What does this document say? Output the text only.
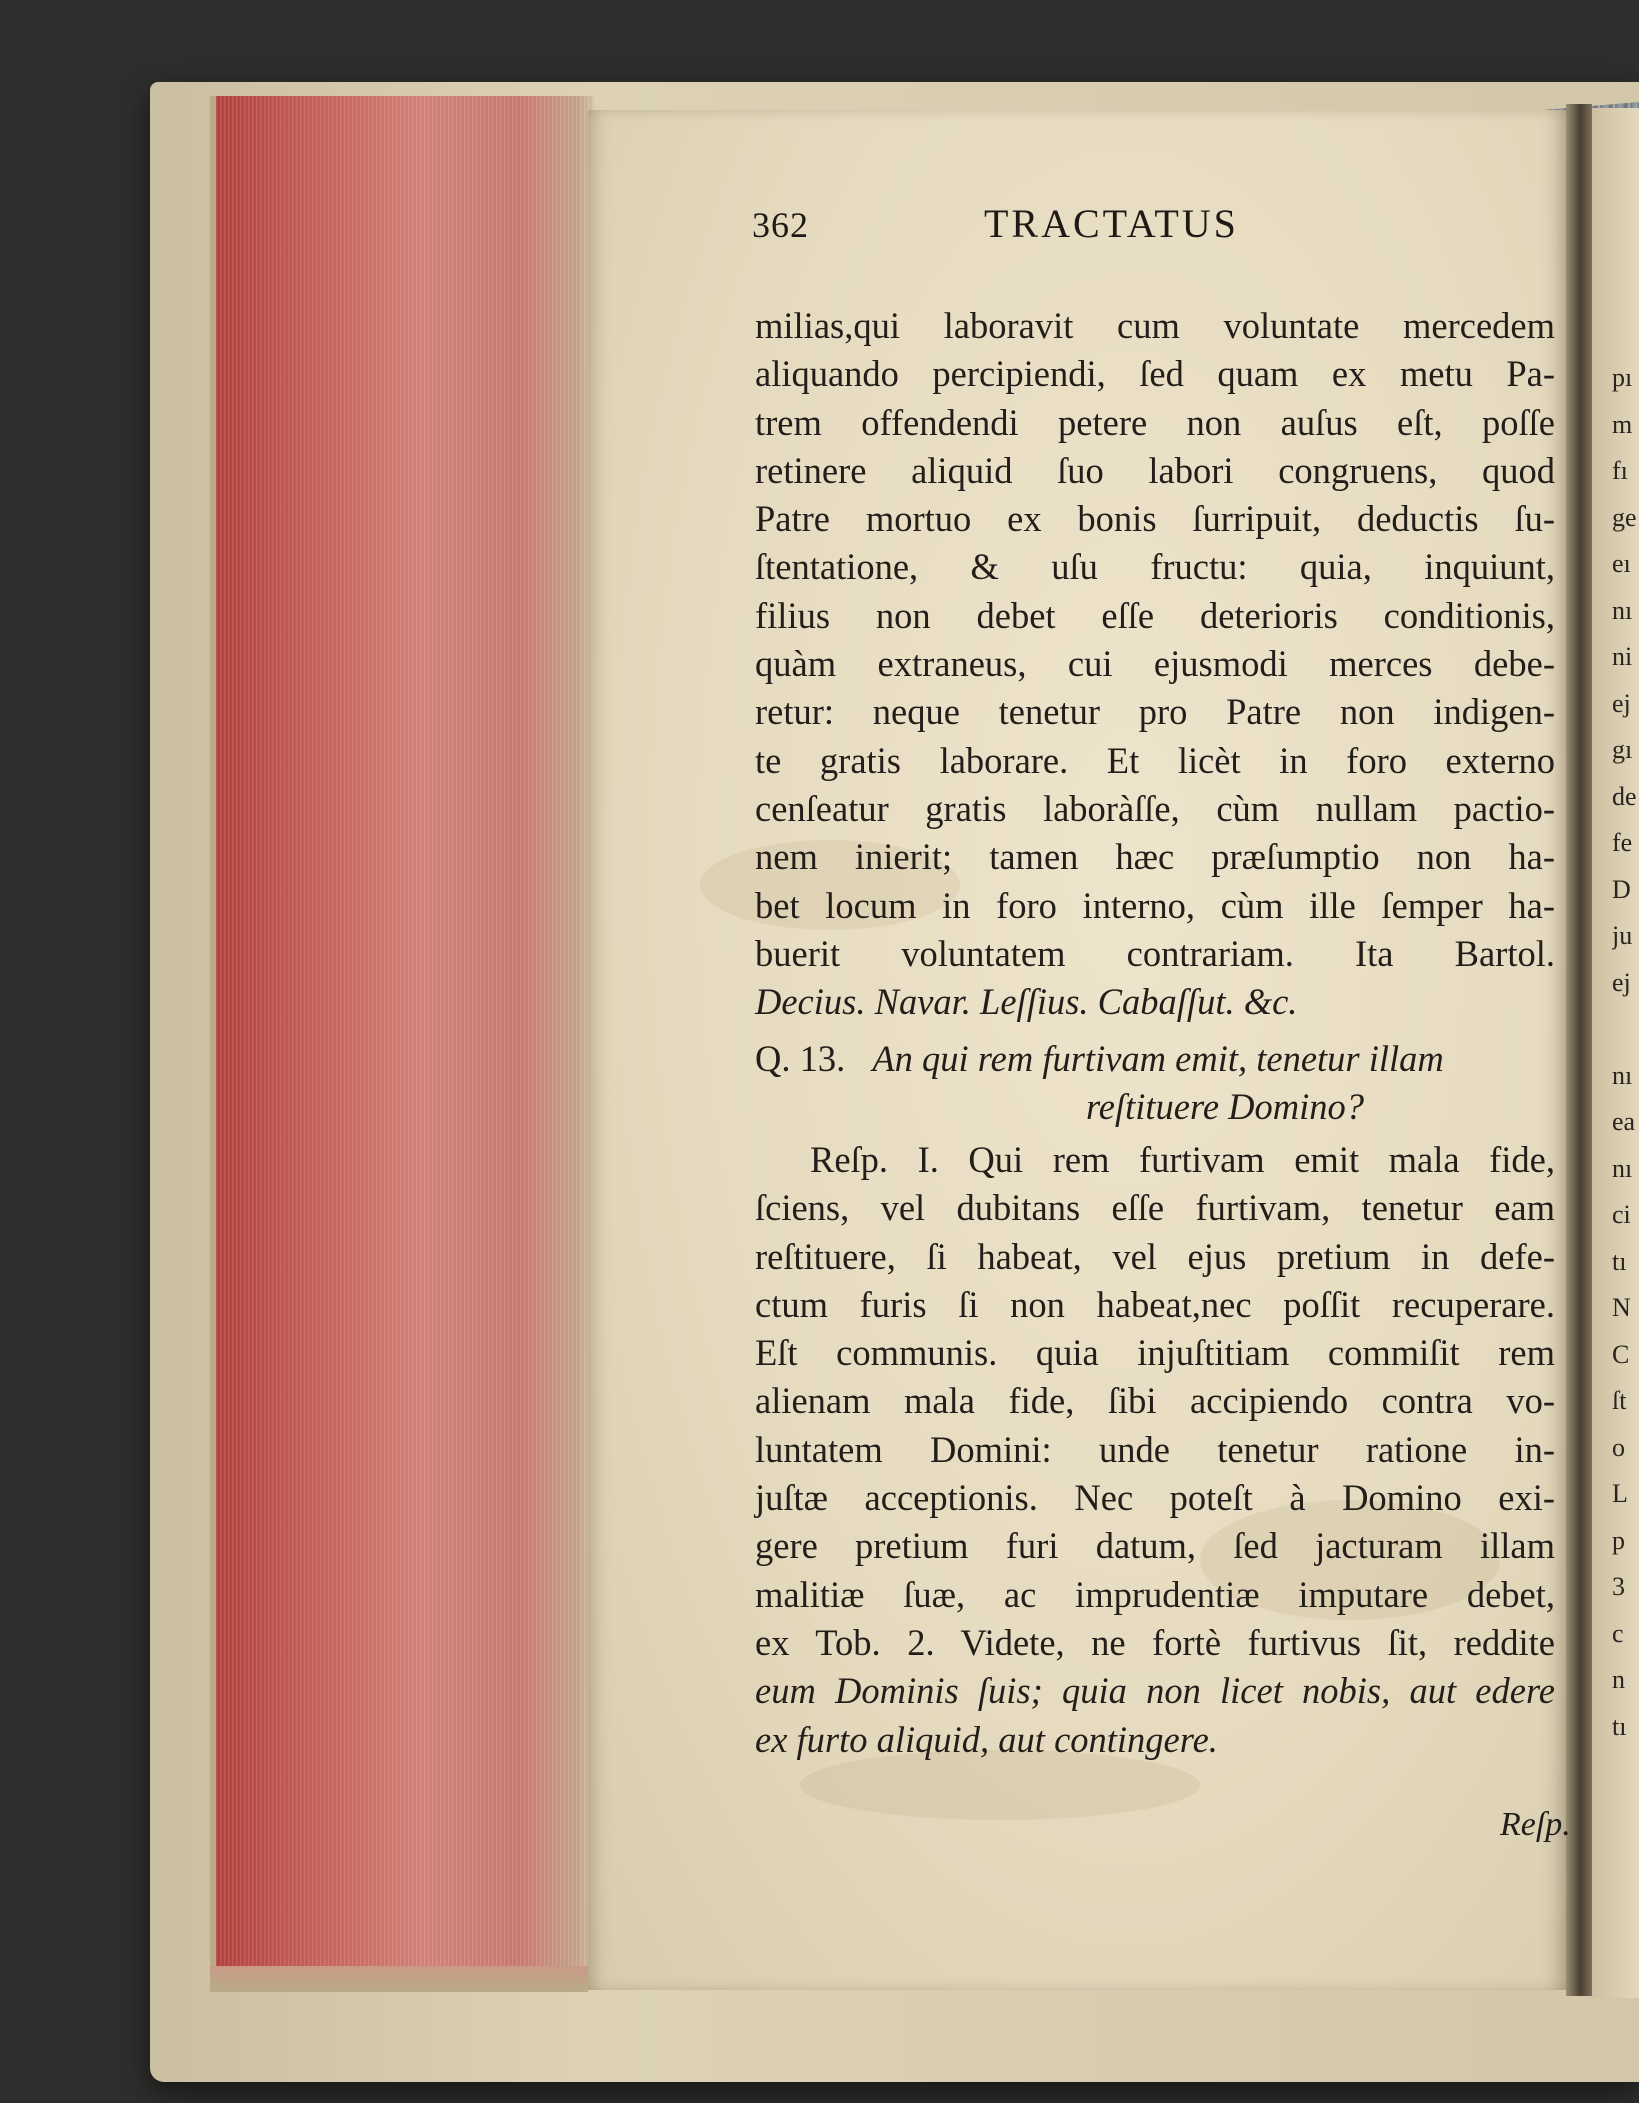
362	TRACTATUS
milias,qui laboravit cum voluntate mercedem
aliquando percipiendi, ſed quam ex metu Pa-
trem offendendi petere non auſus eſt, poſſe
retinere aliquid ſuo labori congruens, quod
Patre mortuo ex bonis ſurripuit, deductis ſu-
ſtentatione, & uſu fructu: quia, inquiunt,
filius non debet eſſe deterioris conditionis,
quàm extraneus, cui ejusmodi merces debe-
retur: neque tenetur pro Patre non indigen-
te gratis laborare. Et licèt in foro externo
cenſeatur gratis laboràſſe, cùm nullam pactio-
nem inierit; tamen hæc præſumptio non ha-
bet locum in foro interno, cùm ille ſemper ha-
buerit voluntatem contrariam. Ita Bartol.
Decius. Navar. Leſſius. Cabaſſut. &c.
Q. 13. An qui rem furtivam emit, tenetur illam
reſtituere Domino?
Reſp. I. Qui rem furtivam emit mala fide,
ſciens, vel dubitans eſſe furtivam, tenetur eam
reſtituere, ſi habeat, vel ejus pretium in defe-
ctum furis ſi non habeat,nec poſſit recuperare.
Eſt communis. quia injuſtitiam commiſit rem
alienam mala fide, ſibi accipiendo contra vo-
luntatem Domini: unde tenetur ratione in-
juſtæ acceptionis. Nec poteſt à Domino exi-
gere pretium furi datum, ſed jacturam illam
malitiæ ſuæ, ac imprudentiæ imputare debet,
ex Tob. 2. Videte, ne fortè furtivus ſit, reddite
eum Dominis ſuis; quia non licet nobis, aut edere
ex furto aliquid, aut contingere.
Reſp.
pı
m
fı
ge
eı
nı
ni
ej
gı
de
fe
D
ju
ej
nı
ea
nı
ci
tı
N
C
ſt
o
L
p
3
c
n
tı
